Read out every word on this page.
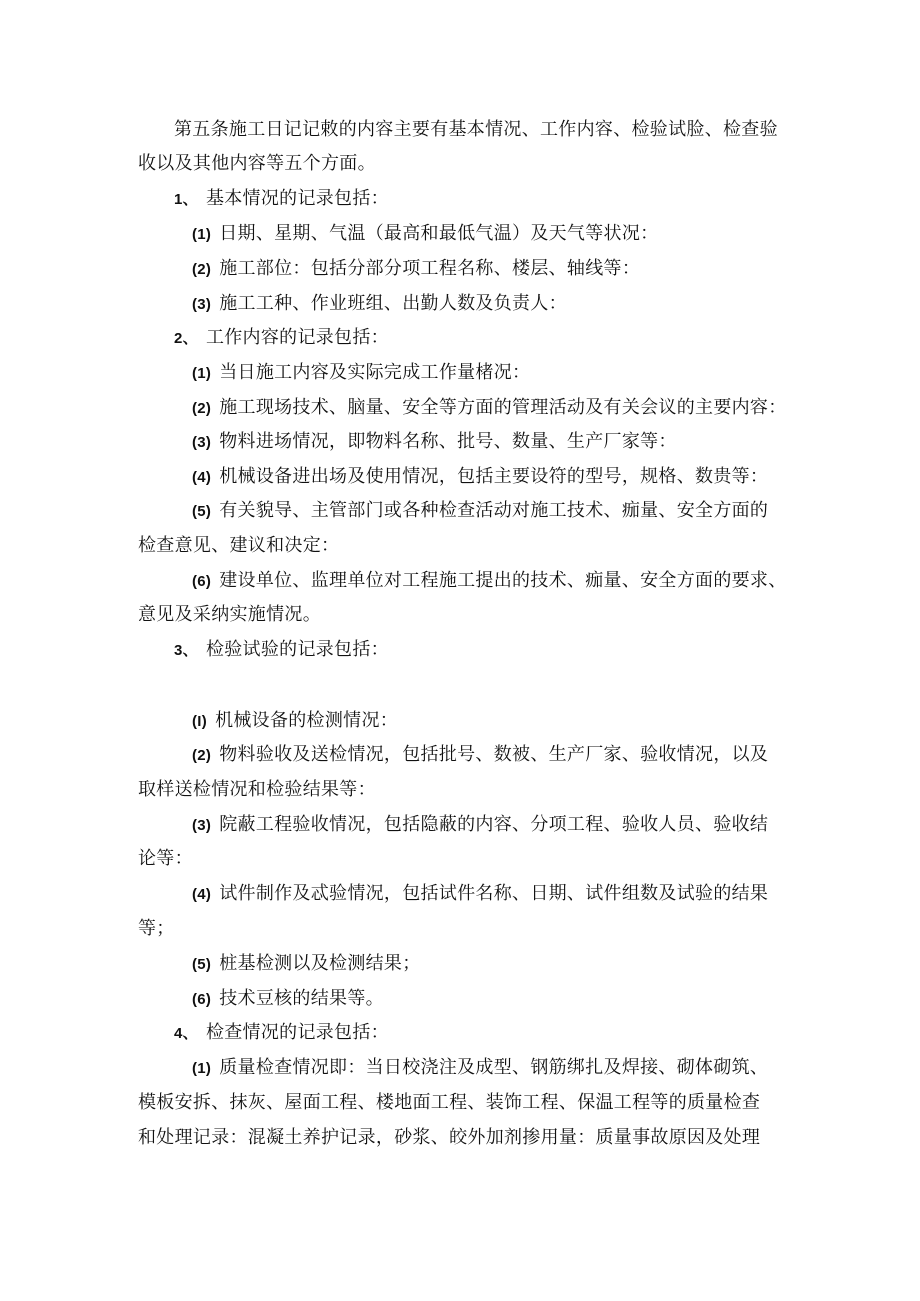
第五条施工日记记敕的内容主要有基本情况、工作内容、检验试脸、检查验
收以及其他内容等五个方面。
1、 基本情况的记录包括：
(1) 日期、星期、气温（最高和最低气温）及天气等状况：
(2) 施工部位：包括分部分项工程名称、楼层、轴线等：
(3) 施工工种、作业班组、出勤人数及负责人：
2、 工作内容的记录包括：
(1) 当日施工内容及实际完成工作量楮况：
(2) 施工现场技术、脑量、安全等方面的管理活动及有关会议的主要内容：
(3) 物料进场情况，即物料名称、批号、数量、生产厂家等：
(4) 机械设备进出场及使用情况，包括主要设符的型号，规格、数贵等：
(5) 有关貌导、主管部门或各种检查活动对施工技术、痂量、安全方面的
检查意见、建议和决定：
(6) 建设单位、监理单位对工程施工提出的技术、痂量、安全方面的要求、
意见及采纳实施情况。
3、 检验试验的记录包括：
(I) 机械设备的检测情况：
(2) 物料验收及送检情况，包括批号、数被、生产厂家、验收情况，以及
取样送检情况和检验结果等：
(3) 院蔽工程验收情况，包括隐蔽的内容、分项工程、验收人员、验收结
论等：
(4) 试件制作及忒验情况，包括试件名称、日期、试件组数及试验的结果
等；
(5) 桩基检测以及检测结果；
(6) 技术豆核的结果等。
4、 检查情况的记录包括：
(1) 质量检查情况即：当日校浇注及成型、钢筋绑扎及焊接、砌体砌筑、
模板安拆、抹灰、屋面工程、楼地面工程、装饰工程、保温工程等的质量检查
和处理记录：混凝土养护记录，砂浆、皎外加剂掺用量：质量事故原因及处理
